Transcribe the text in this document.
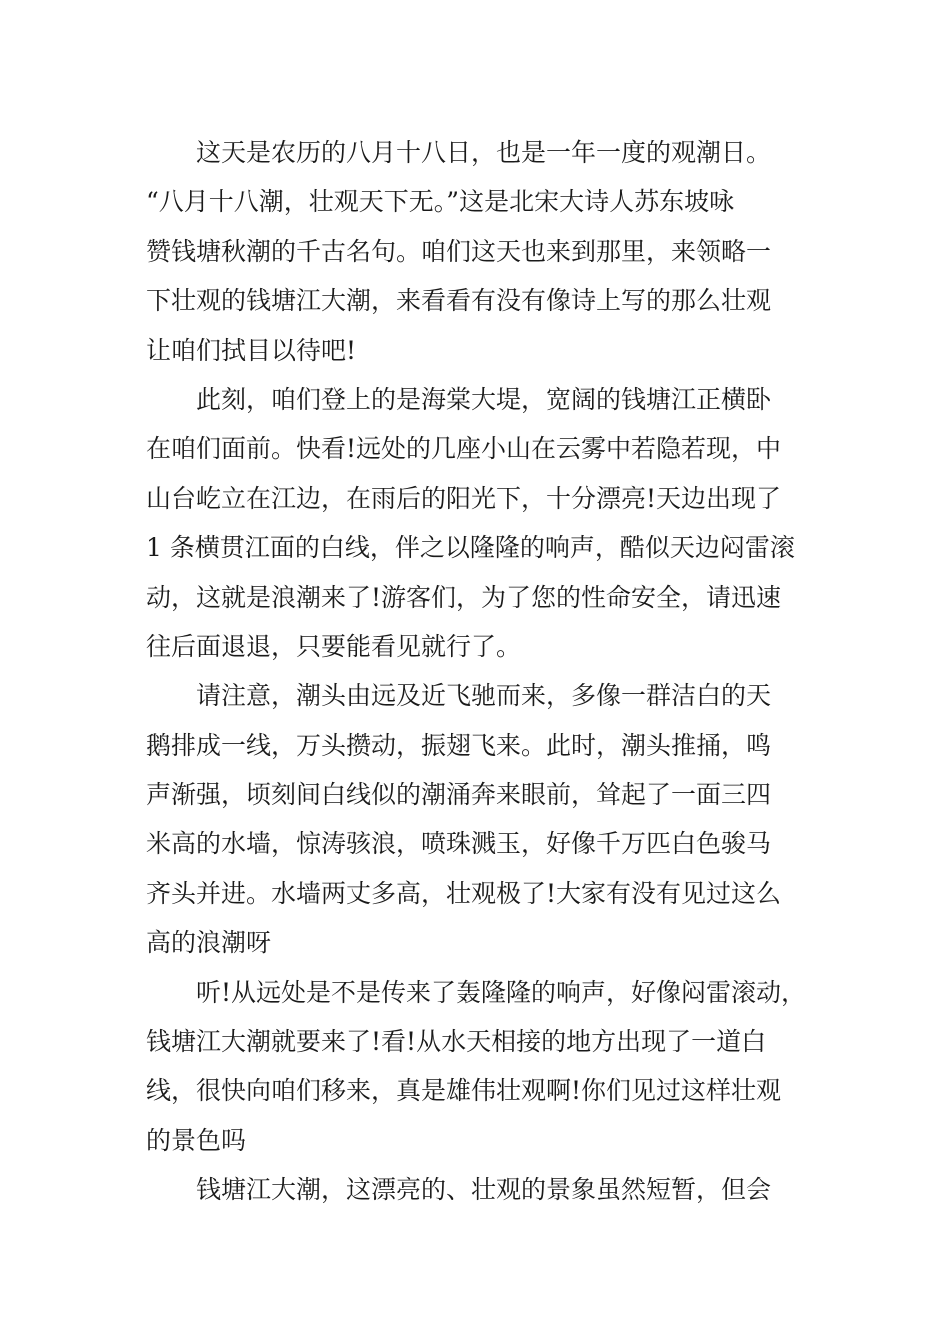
这天是农历的八月十八日，也是一年一度的观潮日。
“八月十八潮，壮观天下无。”这是北宋大诗人苏东坡咏
赞钱塘秋潮的千古名句。咱们这天也来到那里，来领略一
下壮观的钱塘江大潮，来看看有没有像诗上写的那么壮观
让咱们拭目以待吧!
此刻，咱们登上的是海棠大堤，宽阔的钱塘江正横卧
在咱们面前。快看!远处的几座小山在云雾中若隐若现，中
山台屹立在江边，在雨后的阳光下，十分漂亮!天边出现了
1 条横贯江面的白线，伴之以隆隆的响声，酷似天边闷雷滚
动，这就是浪潮来了!游客们，为了您的性命安全，请迅速
往后面退退，只要能看见就行了。
请注意，潮头由远及近飞驰而来，多像一群洁白的天
鹅排成一线，万头攒动，振翅飞来。此时，潮头推捅，鸣
声渐强，顷刻间白线似的潮涌奔来眼前，耸起了一面三四
米高的水墙，惊涛骇浪，喷珠溅玉，好像千万匹白色骏马
齐头并进。水墙两丈多高，壮观极了!大家有没有见过这么
高的浪潮呀
听!从远处是不是传来了轰隆隆的响声，好像闷雷滚动，
钱塘江大潮就要来了!看!从水天相接的地方出现了一道白
线，很快向咱们移来，真是雄伟壮观啊!你们见过这样壮观
的景色吗
钱塘江大潮，这漂亮的、壮观的景象虽然短暂，但会
